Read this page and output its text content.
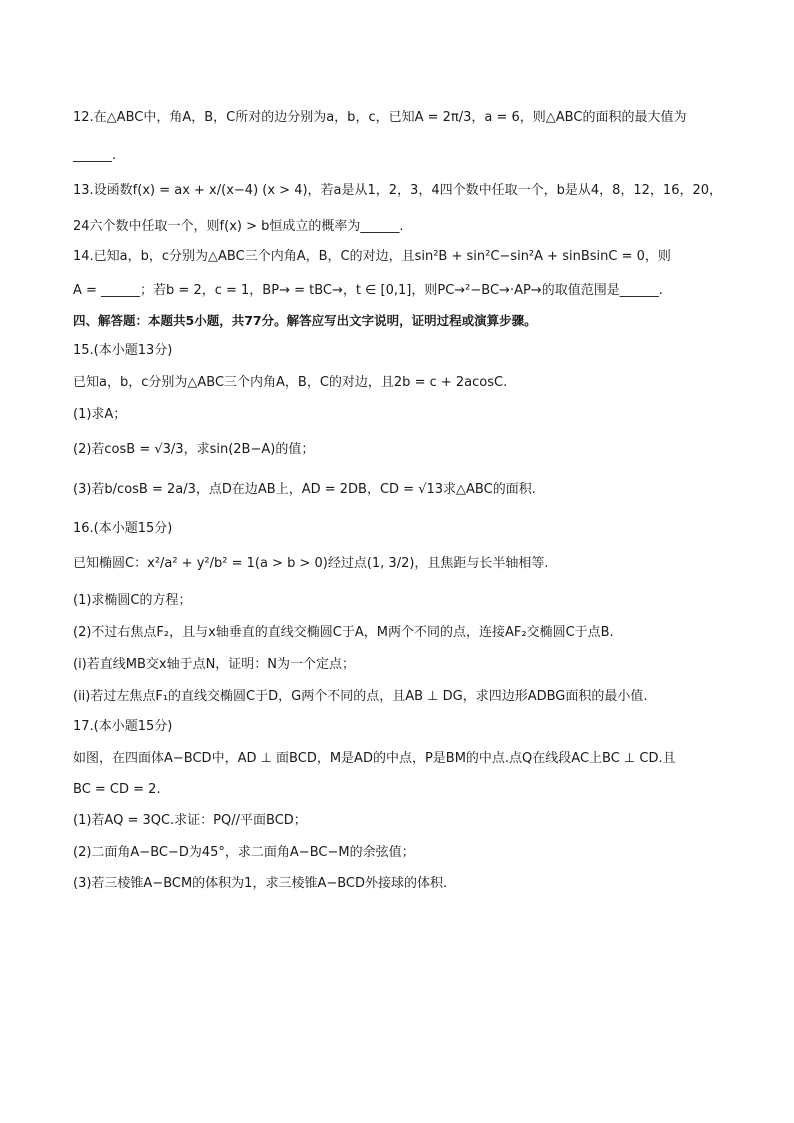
12.在△ABC中，角A，B，C所对的边分别为a，b，c，已知A = 2π/3，a = 6，则△ABC的面积的最大值为
______.
13.设函数f(x) = ax + x/(x−4) (x > 4)，若a是从1，2，3，4四个数中任取一个，b是从4，8，12，16，20，
24六个数中任取一个，则f(x) > b恒成立的概率为______.
14.已知a，b，c分别为△ABC三个内角A，B，C的对边，且sin²B + sin²C−sin²A + sinBsinC = 0，则
A = ______；若b = 2，c = 1，BP→ = tBC→，t ∈ [0,1]，则PC→²−BC→·AP→的取值范围是______.
四、解答题：本题共5小题，共77分。解答应写出文字说明，证明过程或演算步骤。
15.(本小题13分)
已知a，b，c分别为△ABC三个内角A，B，C的对边，且2b = c + 2acosC.
(1)求A；
(2)若cosB = √3/3，求sin(2B−A)的值；
(3)若b/cosB = 2a/3，点D在边AB上，AD = 2DB，CD = √13求△ABC的面积.
16.(本小题15分)
已知椭圆C：x²/a² + y²/b² = 1(a > b > 0)经过点(1, 3/2)，且焦距与长半轴相等.
(1)求椭圆C的方程；
(2)不过右焦点F₂，且与x轴垂直的直线交椭圆C于A，M两个不同的点，连接AF₂交椭圆C于点B.
(i)若直线MB交x轴于点N，证明：N为一个定点；
(ii)若过左焦点F₁的直线交椭圆C于D，G两个不同的点，且AB ⊥ DG，求四边形ADBG面积的最小值.
17.(本小题15分)
如图，在四面体A−BCD中，AD ⊥ 面BCD，M是AD的中点，P是BM的中点.点Q在线段AC上BC ⊥ CD.且
BC = CD = 2.
(1)若AQ = 3QC.求证：PQ//平面BCD；
(2)二面角A−BC−D为45°，求二面角A−BC−M的余弦值；
(3)若三棱锥A−BCM的体积为1，求三棱锥A−BCD外接球的体积.
